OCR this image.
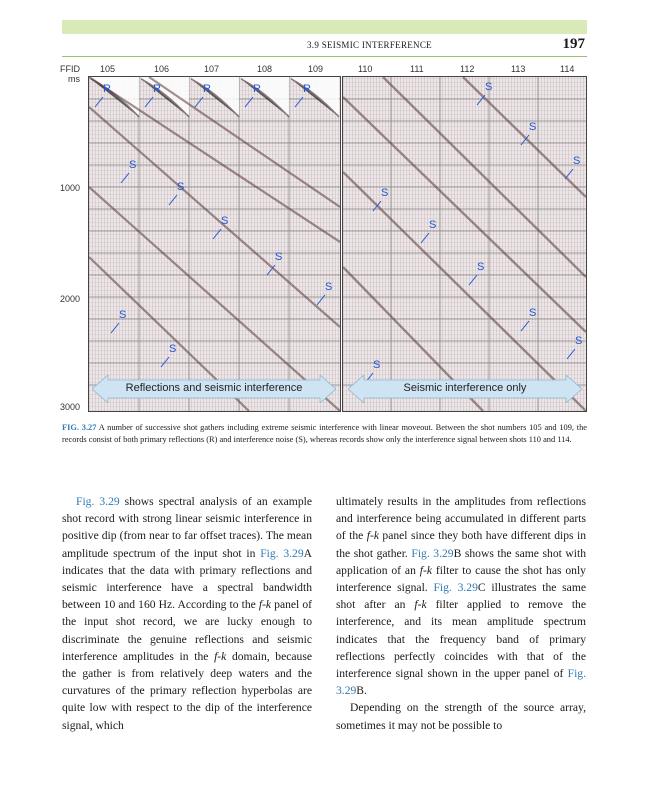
3.9 SEISMIC INTERFERENCE	197
FFID
ms
1000
2000
3000
105	106	107	108	109	110	111	112	113	114
R	R	R	R	R
S
S
S
S
S
S
S
S
S
S
S
S
S
S
S
S
Reflections and seismic interference	Seismic interference only
FIG. 3.27 A number of successive shot gathers including extreme seismic interference with linear moveout. Between the shot numbers 105 and 109, the records consist of both primary reflections (R) and interference noise (S), whereas records show only the interference signal between shots 110 and 114.

Fig. 3.29 shows spectral analysis of an example shot record with strong linear seismic interference in positive dip (from near to far offset traces). The mean amplitude spectrum of the input shot in Fig. 3.29A indicates that the data with primary reflections and seismic interference have a spectral bandwidth between 10 and 160 Hz. According to the f-k panel of the input shot record, we are lucky enough to discriminate the genuine reflections and seismic interference amplitudes in the f-k domain, because the gather is from relatively deep waters and the curvatures of the primary reflection hyperbolas are quite low with respect to the dip of the interference signal, which

ultimately results in the amplitudes from reflections and interference being accumulated in different parts of the f-k panel since they both have different dips in the shot gather. Fig. 3.29B shows the same shot with application of an f-k filter to cause the shot has only interference signal. Fig. 3.29C illustrates the same shot after an f-k filter applied to remove the interference, and its mean amplitude spectrum indicates that the frequency band of primary reflections perfectly coincides with that of the interference signal shown in the upper panel of Fig. 3.29B.

Depending on the strength of the source array, sometimes it may not be possible to
